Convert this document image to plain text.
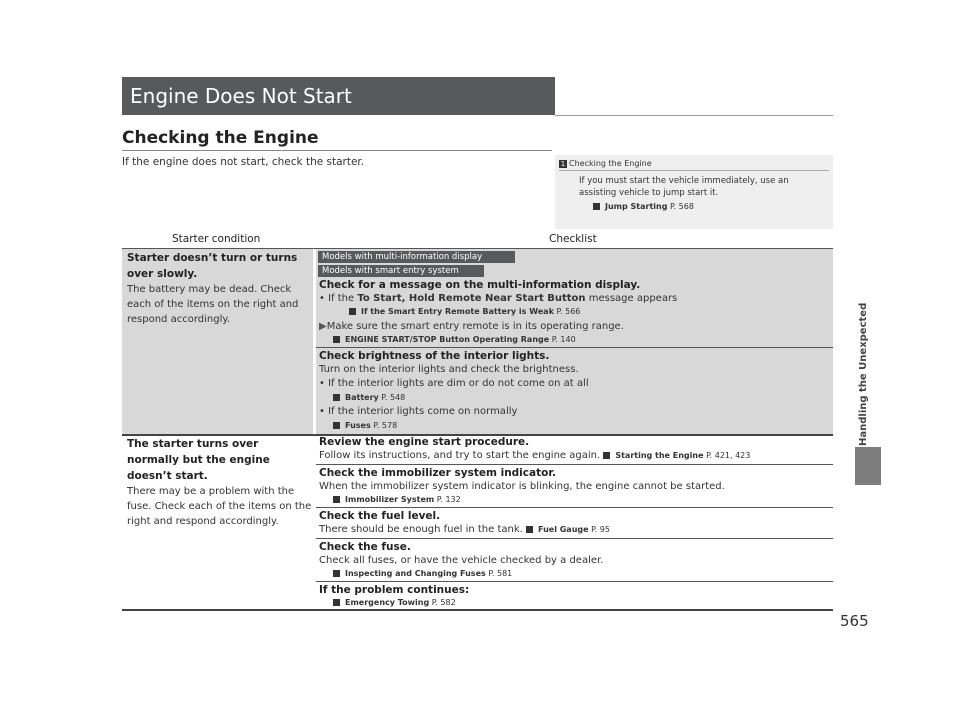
Engine Does Not Start
Checking the Engine
If the engine does not start, check the starter.	1 Checking the Engine
If you must start the vehicle immediately, use an assisting vehicle to jump start it.
Jump Starting P. 568
Starter condition	Checklist
Starter doesn’t turn or turns over slowly.
The battery may be dead. Check each of the items on the right and respond accordingly.
Models with multi-information display
Models with smart entry system
Check for a message on the multi-information display.
• If the To Start, Hold Remote Near Start Button message appears
If the Smart Entry Remote Battery is Weak P. 566
▶Make sure the smart entry remote is in its operating range.
ENGINE START/STOP Button Operating Range P. 140
Check brightness of the interior lights.
Turn on the interior lights and check the brightness.
• If the interior lights are dim or do not come on at all
Battery P. 548
• If the interior lights come on normally
Fuses P. 578
The starter turns over normally but the engine doesn’t start.
There may be a problem with the fuse. Check each of the items on the right and respond accordingly.
Review the engine start procedure.
Follow its instructions, and try to start the engine again. Starting the Engine P. 421, 423
Check the immobilizer system indicator.
When the immobilizer system indicator is blinking, the engine cannot be started.
Immobilizer System P. 132
Check the fuel level.
There should be enough fuel in the tank. Fuel Gauge P. 95
Check the fuse.
Check all fuses, or have the vehicle checked by a dealer.
Inspecting and Changing Fuses P. 581
If the problem continues:
Emergency Towing P. 582
Handling the Unexpected
565
